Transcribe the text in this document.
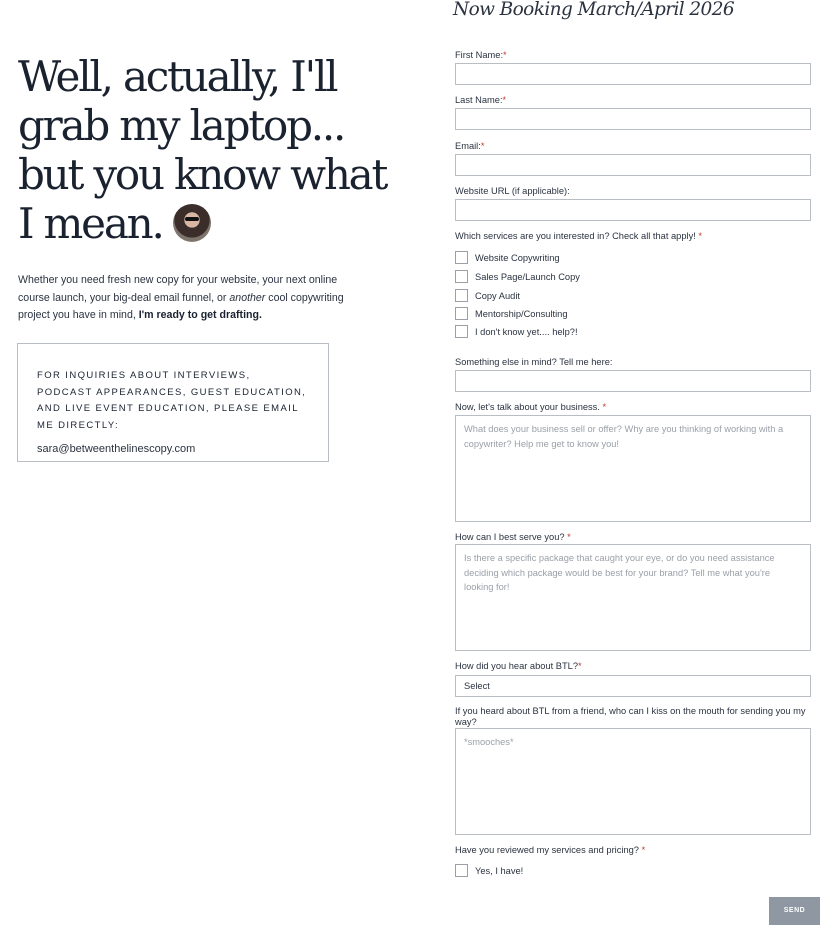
Well, actually, I'll
grab my laptop...
but you know what
I mean.

Whether you need fresh new copy for your website, your next online course launch, your big-deal email funnel, or another cool copywriting project you have in mind, I'm ready to get drafting.

FOR INQUIRIES ABOUT INTERVIEWS, PODCAST APPEARANCES, GUEST EDUCATION, AND LIVE EVENT EDUCATION, PLEASE EMAIL ME DIRECTLY:
sara@betweenthelinescopy.com
Now Booking March/April 2026
First Name:*
Last Name:*
Email:*
Website URL (if applicable):
Which services are you interested in? Check all that apply! *
Website Copywriting
Sales Page/Launch Copy
Copy Audit
Mentorship/Consulting
I don't know yet.... help?!
Something else in mind? Tell me here:
Now, let's talk about your business. *
What does your business sell or offer? Why are you thinking of working with a copywriter? Help me get to know you!
How can I best serve you? *
Is there a specific package that caught your eye, or do you need assistance deciding which package would be best for your brand? Tell me what you're looking for!
How did you hear about BTL?*
Select
If you heard about BTL from a friend, who can I kiss on the mouth for sending you my way?
*smooches*
Have you reviewed my services and pricing? *
Yes, I have!
SEND
